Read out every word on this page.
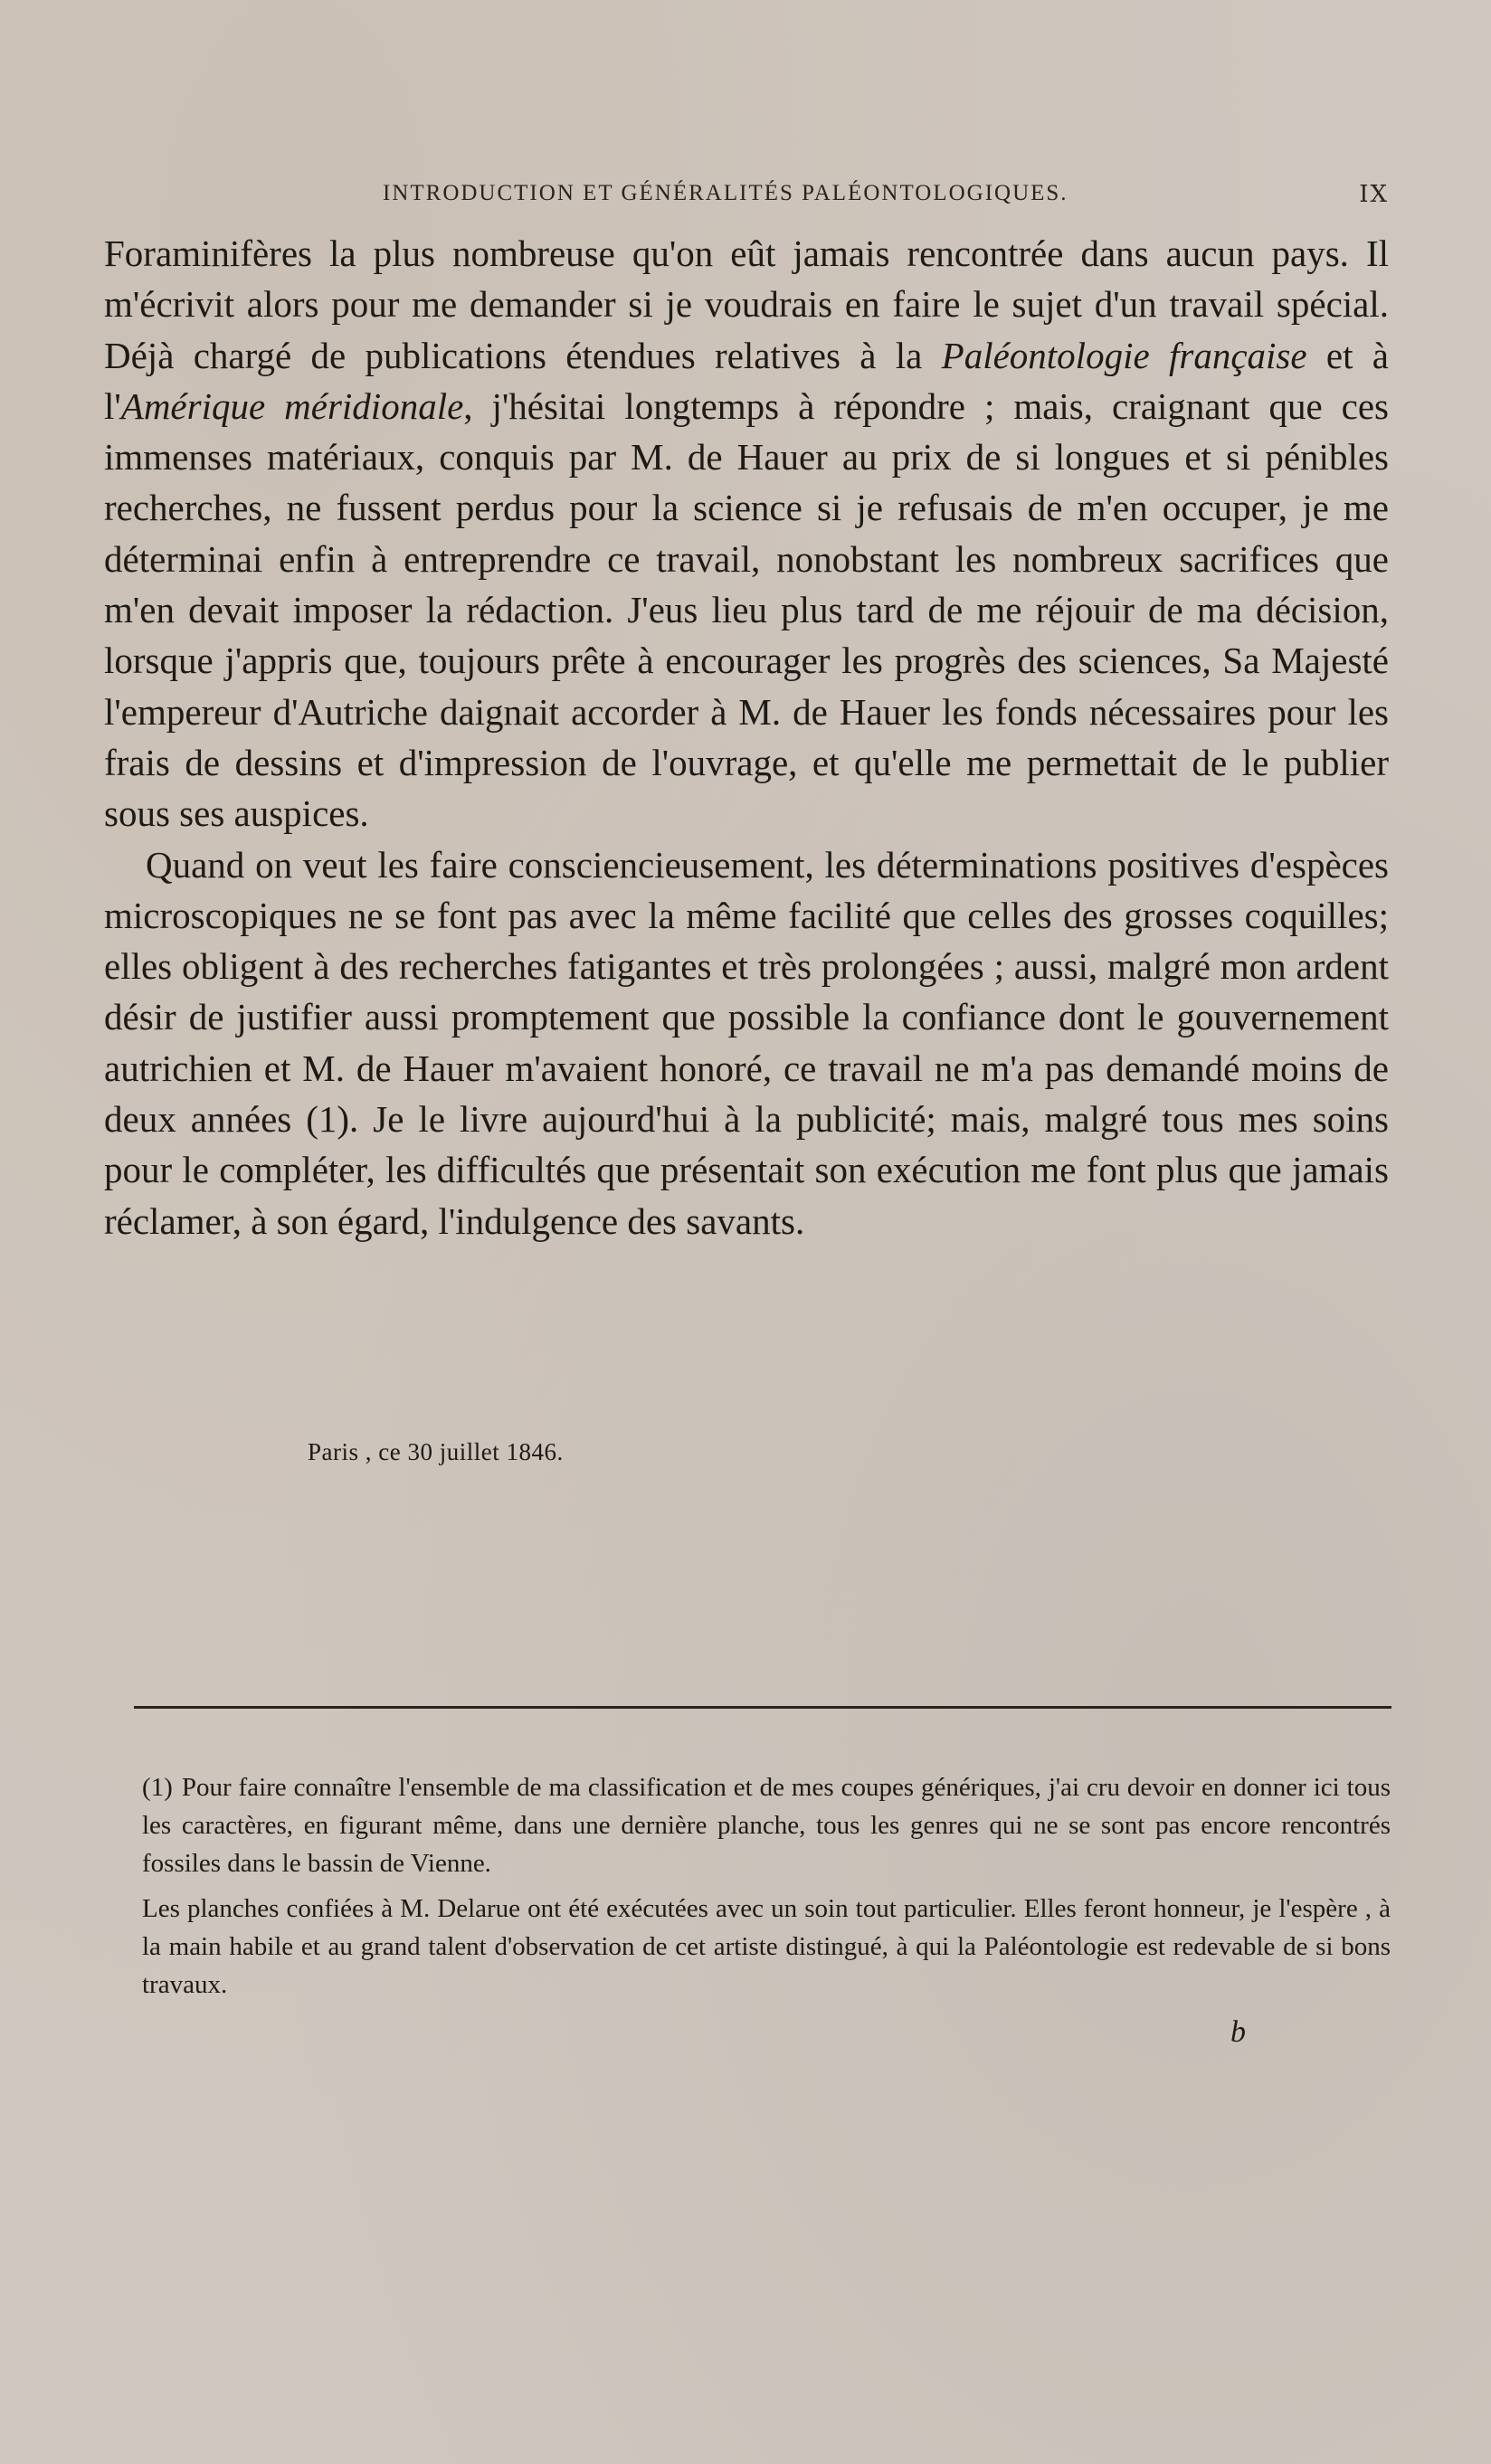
INTRODUCTION ET GÉNÉRALITÉS PALÉONTOLOGIQUES.	IX

Foraminifères la plus nombreuse qu'on eût jamais rencontrée dans aucun pays. Il m'écrivit alors pour me demander si je voudrais en faire le sujet d'un travail spécial. Déjà chargé de publications étendues relatives à la Paléontologie française et à l'Amérique méridionale, j'hésitai longtemps à répondre ; mais, craignant que ces immenses matériaux, conquis par M. de Hauer au prix de si longues et si pénibles recherches, ne fussent perdus pour la science si je refusais de m'en occuper, je me déterminai enfin à entreprendre ce travail, nonobstant les nombreux sacrifices que m'en devait imposer la rédaction. J'eus lieu plus tard de me réjouir de ma décision, lorsque j'appris que, toujours prête à encourager les progrès des sciences, Sa Majesté l'empereur d'Autriche daignait accorder à M. de Hauer les fonds nécessaires pour les frais de dessins et d'impression de l'ouvrage, et qu'elle me permettait de le publier sous ses auspices.

Quand on veut les faire consciencieusement, les déterminations positives d'espèces microscopiques ne se font pas avec la même facilité que celles des grosses coquilles; elles obligent à des recherches fatigantes et très prolongées ; aussi, malgré mon ardent désir de justifier aussi promptement que possible la confiance dont le gouvernement autrichien et M. de Hauer m'avaient honoré, ce travail ne m'a pas demandé moins de deux années (1). Je le livre aujourd'hui à la publicité; mais, malgré tous mes soins pour le compléter, les difficultés que présentait son exécution me font plus que jamais réclamer, à son égard, l'indulgence des savants.

Paris , ce 30 juillet 1846.

(1) Pour faire connaître l'ensemble de ma classification et de mes coupes génériques, j'ai cru devoir en donner ici tous les caractères, en figurant même, dans une dernière planche, tous les genres qui ne se sont pas encore rencontrés fossiles dans le bassin de Vienne.

Les planches confiées à M. Delarue ont été exécutées avec un soin tout particulier. Elles feront honneur, je l'espère , à la main habile et au grand talent d'observation de cet artiste distingué, à qui la Paléontologie est redevable de si bons travaux.

b
